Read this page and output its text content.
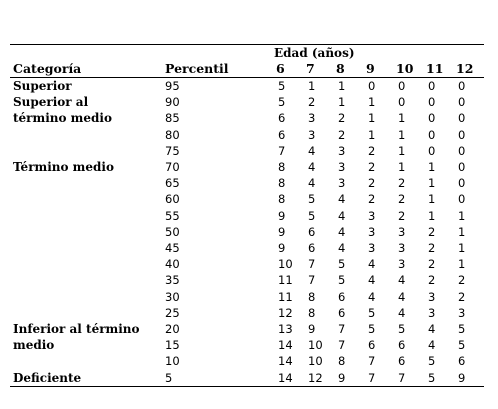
		Edad (años)						
Categoría	Percentil	6	7	8	9	10	11	12
Superior	95	5	1	1	0	0	0	0
Superior al	90	5	2	1	1	0	0	0
término medio	85	6	3	2	1	1	0	0
	80	6	3	2	1	1	0	0
	75	7	4	3	2	1	0	0
Término medio	70	8	4	3	2	1	1	0
	65	8	4	3	2	2	1	0
	60	8	5	4	2	2	1	0
	55	9	5	4	3	2	1	1
	50	9	6	4	3	3	2	1
	45	9	6	4	3	3	2	1
	40	10	7	5	4	3	2	1
	35	11	7	5	4	4	2	2
	30	11	8	6	4	4	3	2
	25	12	8	6	5	4	3	3
Inferior al término	20	13	9	7	5	5	4	5
medio	15	14	10	7	6	6	4	5
	10	14	10	8	7	6	5	6
Deficiente	5	14	12	9	7	7	5	9
